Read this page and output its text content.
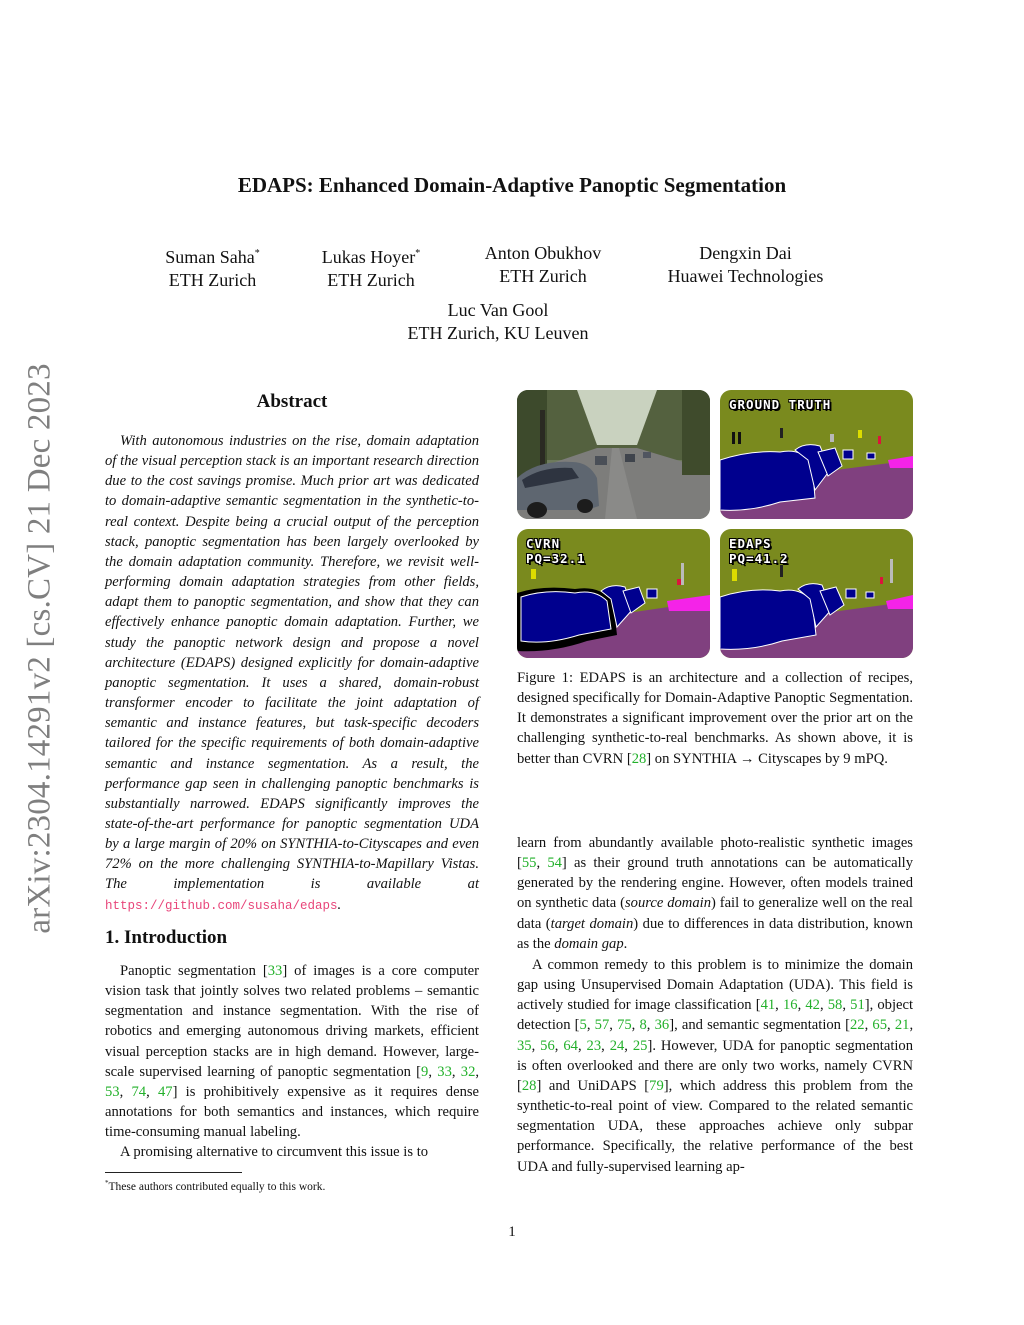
arXiv:2304.14291v2 [cs.CV] 21 Dec 2023
EDAPS: Enhanced Domain-Adaptive Panoptic Segmentation
Suman Saha*
ETH Zurich
Lukas Hoyer*
ETH Zurich
Anton Obukhov
ETH Zurich
Dengxin Dai
Huawei Technologies
Luc Van Gool
ETH Zurich, KU Leuven
Abstract

With autonomous industries on the rise, domain adaptation of the visual perception stack is an important research direction due to the cost savings promise. Much prior art was dedicated to domain-adaptive semantic segmentation in the synthetic-to-real context. Despite being a crucial output of the perception stack, panoptic segmentation has been largely overlooked by the domain adaptation community. Therefore, we revisit well-performing domain adaptation strategies from other fields, adapt them to panoptic segmentation, and show that they can effectively enhance panoptic domain adaptation. Further, we study the panoptic network design and propose a novel architecture (EDAPS) designed explicitly for domain-adaptive panoptic segmentation. It uses a shared, domain-robust transformer encoder to facilitate the joint adaptation of semantic and instance features, but task-specific decoders tailored for the specific requirements of both domain-adaptive semantic and instance segmentation. As a result, the performance gap seen in challenging panoptic benchmarks is substantially narrowed. EDAPS significantly improves the state-of-the-art performance for panoptic segmentation UDA by a large margin of 20% on SYNTHIA-to-Cityscapes and even 72% on the more challenging SYNTHIA-to-Mapillary Vistas. The implementation is available at https://github.com/susaha/edaps.

1. Introduction

Panoptic segmentation [33] of images is a core computer vision task that jointly solves two related problems – semantic segmentation and instance segmentation. With the rise of robotics and emerging autonomous driving markets, efficient visual perception stacks are in high demand. However, large-scale supervised learning of panoptic segmentation [9, 33, 32, 53, 74, 47] is prohibitively expensive as it requires dense annotations for both semantics and instances, which require time-consuming manual labeling.

A promising alternative to circumvent this issue is to

*These authors contributed equally to this work.

GROUND TRUTH
CVRN
PQ=32.1
EDAPS
PQ=41.2

Figure 1: EDAPS is an architecture and a collection of recipes, designed specifically for Domain-Adaptive Panoptic Segmentation. It demonstrates a significant improvement over the prior art on the challenging synthetic-to-real benchmarks. As shown above, it is better than CVRN [28] on SYNTHIA → Cityscapes by 9 mPQ.

learn from abundantly available photo-realistic synthetic images [55, 54] as their ground truth annotations can be automatically generated by the rendering engine. However, often models trained on synthetic data (source domain) fail to generalize well on the real data (target domain) due to differences in data distribution, known as the domain gap.

A common remedy to this problem is to minimize the domain gap using Unsupervised Domain Adaptation (UDA). This field is actively studied for image classification [41, 16, 42, 58, 51], object detection [5, 57, 75, 8, 36], and semantic segmentation [22, 65, 21, 35, 56, 64, 23, 24, 25]. However, UDA for panoptic segmentation is often overlooked and there are only two works, namely CVRN [28] and UniDAPS [79], which address this problem from the synthetic-to-real point of view. Compared to the related semantic segmentation UDA, these approaches achieve only subpar performance. Specifically, the relative performance of the best UDA and fully-supervised learning ap-

1
